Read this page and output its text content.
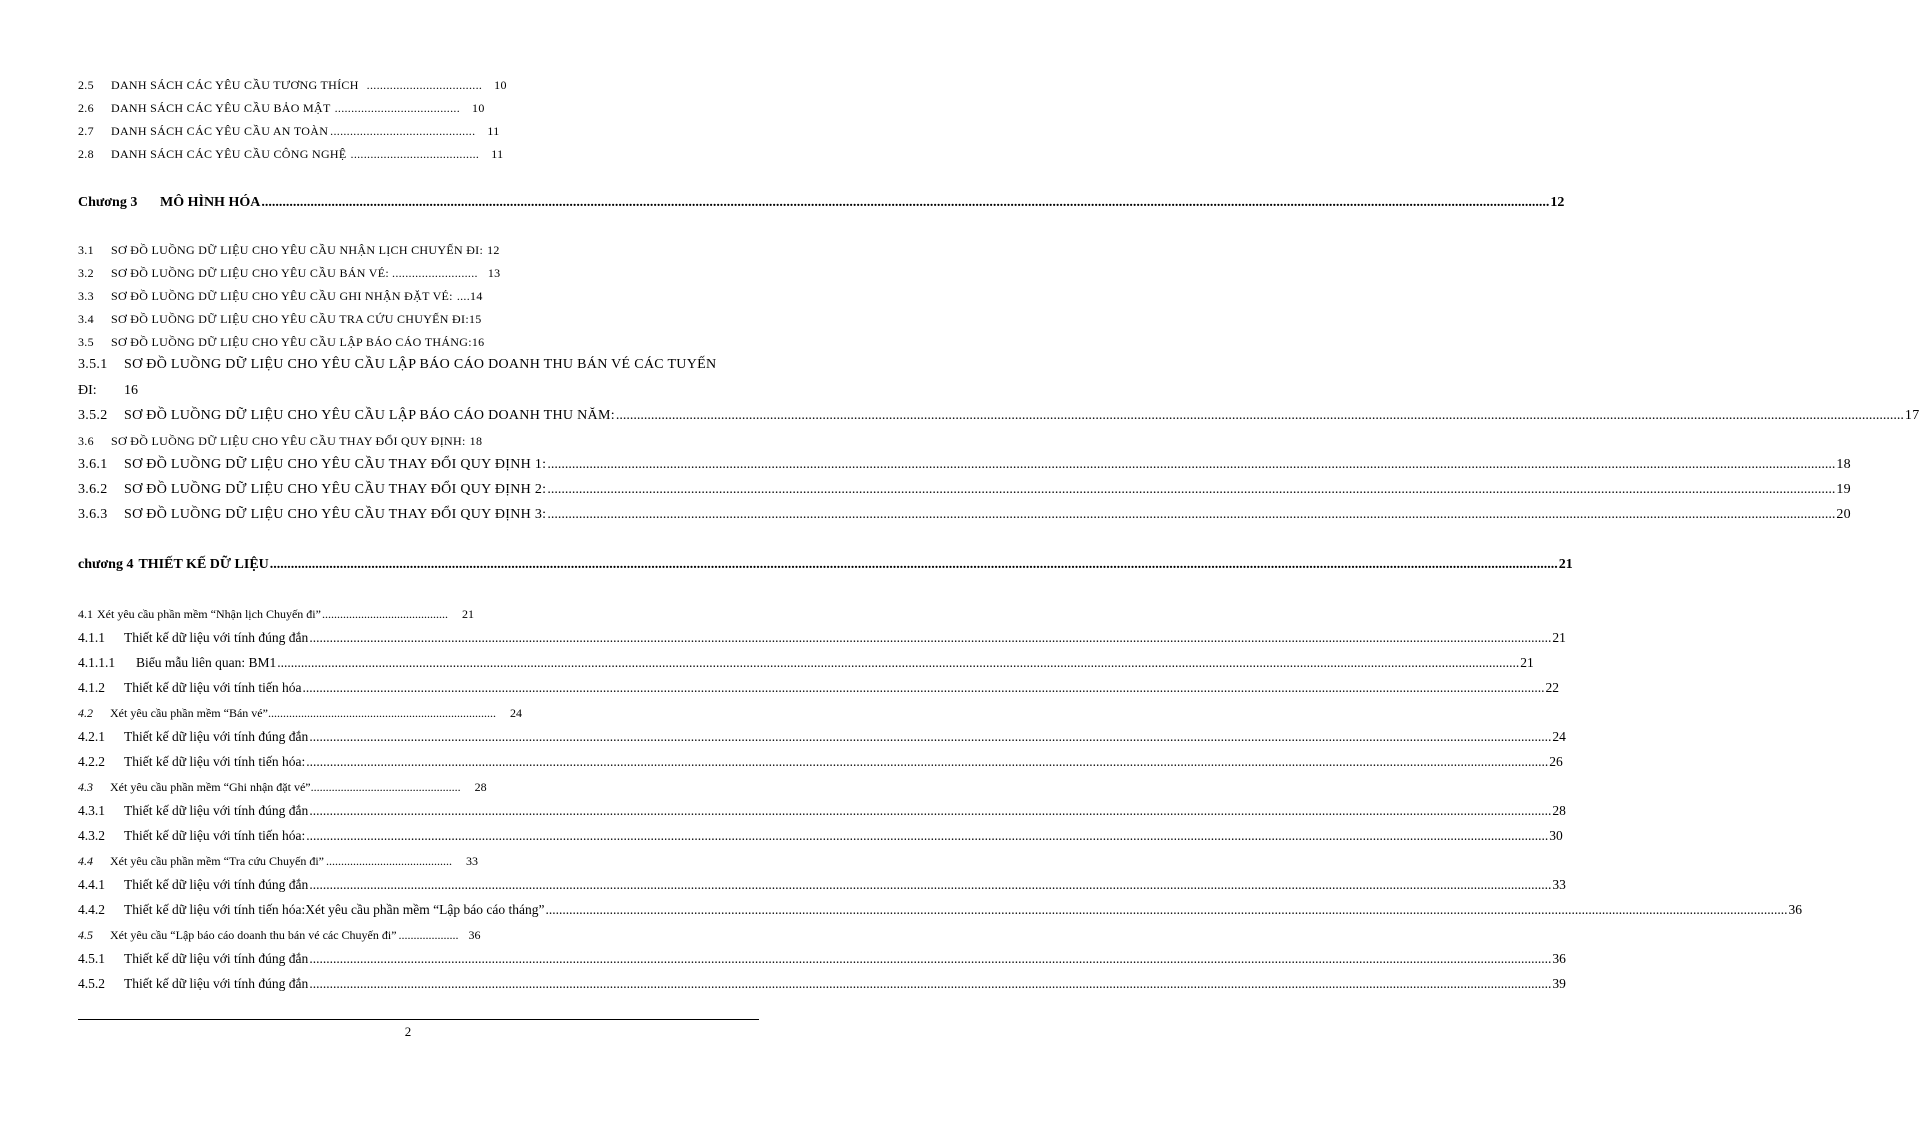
2.5	DANH SÁCH CÁC YÊU CẦU TƯƠNG THÍCH ................................... 10
2.6	DANH SÁCH CÁC YÊU CẦU BẢO MẬT ...................................... 10
2.7	DANH SÁCH CÁC YÊU CẦU AN TOÀN ............................................ 11
2.8	DANH SÁCH CÁC YÊU CẦU CÔNG NGHỆ ....................................... 11
Chương 3	MÔ HÌNH HÓA .....	12
3.1	SƠ ĐỒ LUỒNG DỮ LIỆU CHO YÊU CẦU NHẬN LỊCH CHUYẾN ĐI: 12
3.2	SƠ ĐỒ LUỒNG DỮ LIỆU CHO YÊU CẦU BÁN VÉ: .......................... 13
3.3	SƠ ĐỒ LUỒNG DỮ LIỆU CHO YÊU CẦU GHI NHẬN ĐẶT VÉ: .... 14
3.4	SƠ ĐỒ LUỒNG DỮ LIỆU CHO YÊU CẦU TRA CỨU CHUYẾN ĐI: 15
3.5	SƠ ĐỒ LUỒNG DỮ LIỆU CHO YÊU CẦU LẬP BÁO CÁO THÁNG: 16
3.5.1	SƠ ĐỒ LUỒNG DỮ LIỆU CHO YÊU CẦU LẬP BÁO CÁO DOANH THU BÁN VÉ CÁC TUYẾN
ĐI:	16
3.5.2	SƠ ĐỒ LUỒNG DỮ LIỆU CHO YÊU CẦU LẬP BÁO CÁO DOANH THU NĂM: .....	17
3.6	SƠ ĐỒ LUỒNG DỮ LIỆU CHO YÊU CẦU THAY ĐỔI QUY ĐỊNH: 18
3.6.1	SƠ ĐỒ LUỒNG DỮ LIỆU CHO YÊU CẦU THAY ĐỔI QUY ĐỊNH 1: .....	18
3.6.2	SƠ ĐỒ LUỒNG DỮ LIỆU CHO YÊU CẦU THAY ĐỔI QUY ĐỊNH 2: .....	19
3.6.3	SƠ ĐỒ LUỒNG DỮ LIỆU CHO YÊU CẦU THAY ĐỔI QUY ĐỊNH 3: .....	20
chương 4 THIẾT KẾ DỮ LIỆU .....	21
4.1 Xét yêu cầu phần mềm “Nhận lịch Chuyến đi” .......................................... 21
4.1.1	Thiết kế dữ liệu với tính đúng đắn .....	21
4.1.1.1	Biểu mẫu liên quan: BM1 .....	21
4.1.2	Thiết kế dữ liệu với tính tiến hóa .....	22
4.2	Xét yêu cầu phần mềm “Bán vé” ............................................................................ 24
4.2.1	Thiết kế dữ liệu với tính đúng đắn .....	24
4.2.2	Thiết kế dữ liệu với tính tiến hóa: .....	26
4.3	Xét yêu cầu phần mềm “Ghi nhận đặt vé” .................................................. 28
4.3.1	Thiết kế dữ liệu với tính đúng đắn .....	28
4.3.2	Thiết kế dữ liệu với tính tiến hóa: .....	30
4.4	Xét yêu cầu phần mềm “Tra cứu Chuyến đi” .......................................... 33
4.4.1	Thiết kế dữ liệu với tính đúng đắn .....	33
4.4.2	Thiết kế dữ liệu với tính tiến hóa:Xét yêu cầu phần mềm “Lập báo cáo tháng” .....	36
4.5	Xét yêu cầu “Lập báo cáo doanh thu bán vé các Chuyến đi” .................... 36
4.5.1	Thiết kế dữ liệu với tính đúng đắn .....	36
4.5.2	Thiết kế dữ liệu với tính đúng đắn .....	39
2
